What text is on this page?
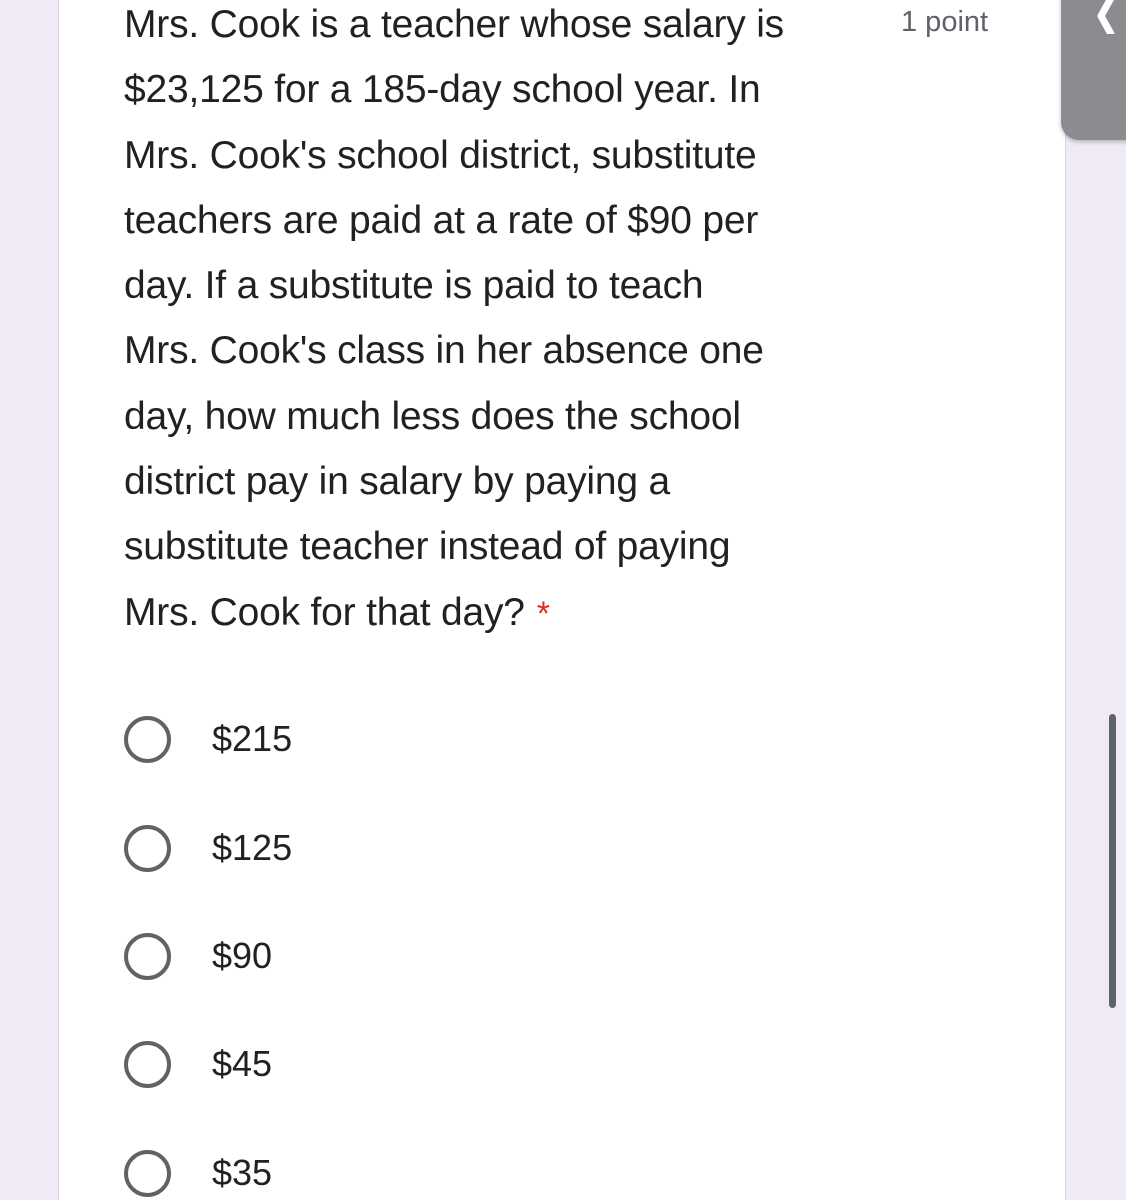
Mrs. Cook is a teacher whose salary is
$23,125 for a 185-day school year. In
Mrs. Cook's school district, substitute
teachers are paid at a rate of $90 per
day. If a substitute is paid to teach
Mrs. Cook's class in her absence one
day, how much less does the school
district pay in salary by paying a
substitute teacher instead of paying
Mrs. Cook for that day? *
1 point
$215
$125
$90
$45
$35
